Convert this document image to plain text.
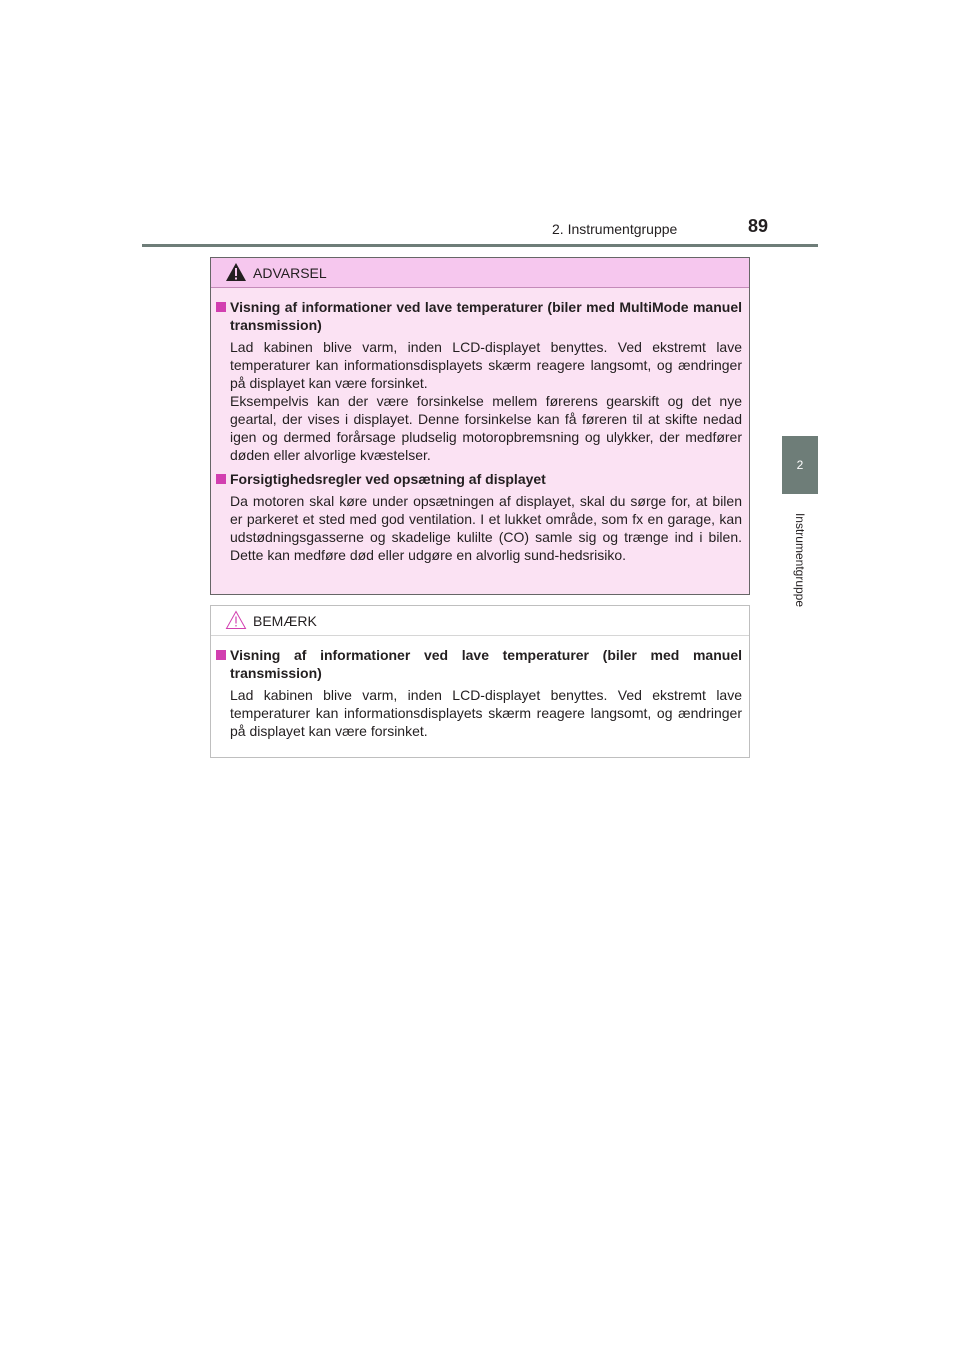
2. Instrumentgruppe	89
2
Instrumentgruppe
ADVARSEL
Visning af informationer ved lave temperaturer (biler med MultiMode manuel transmission)

Lad kabinen blive varm, inden LCD-displayet benyttes. Ved ekstremt lave temperaturer kan informationsdisplayets skærm reagere langsomt, og ændringer på displayet kan være forsinket.

Eksempelvis kan der være forsinkelse mellem førerens gearskift og det nye geartal, der vises i displayet. Denne forsinkelse kan få føreren til at skifte nedad igen og dermed forårsage pludselig motoropbremsning og ulykker, der medfører døden eller alvorlige kvæstelser.

Forsigtighedsregler ved opsætning af displayet

Da motoren skal køre under opsætningen af displayet, skal du sørge for, at bilen er parkeret et sted med god ventilation. I et lukket område, som fx en garage, kan udstødningsgasserne og skadelige kulilte (CO) samle sig og trænge ind i bilen. Dette kan medføre død eller udgøre en alvorlig sund-hedsrisiko.

BEMÆRK
Visning af informationer ved lave temperaturer (biler med manuel transmission)

Lad kabinen blive varm, inden LCD-displayet benyttes. Ved ekstremt lave temperaturer kan informationsdisplayets skærm reagere langsomt, og ændringer på displayet kan være forsinket.
